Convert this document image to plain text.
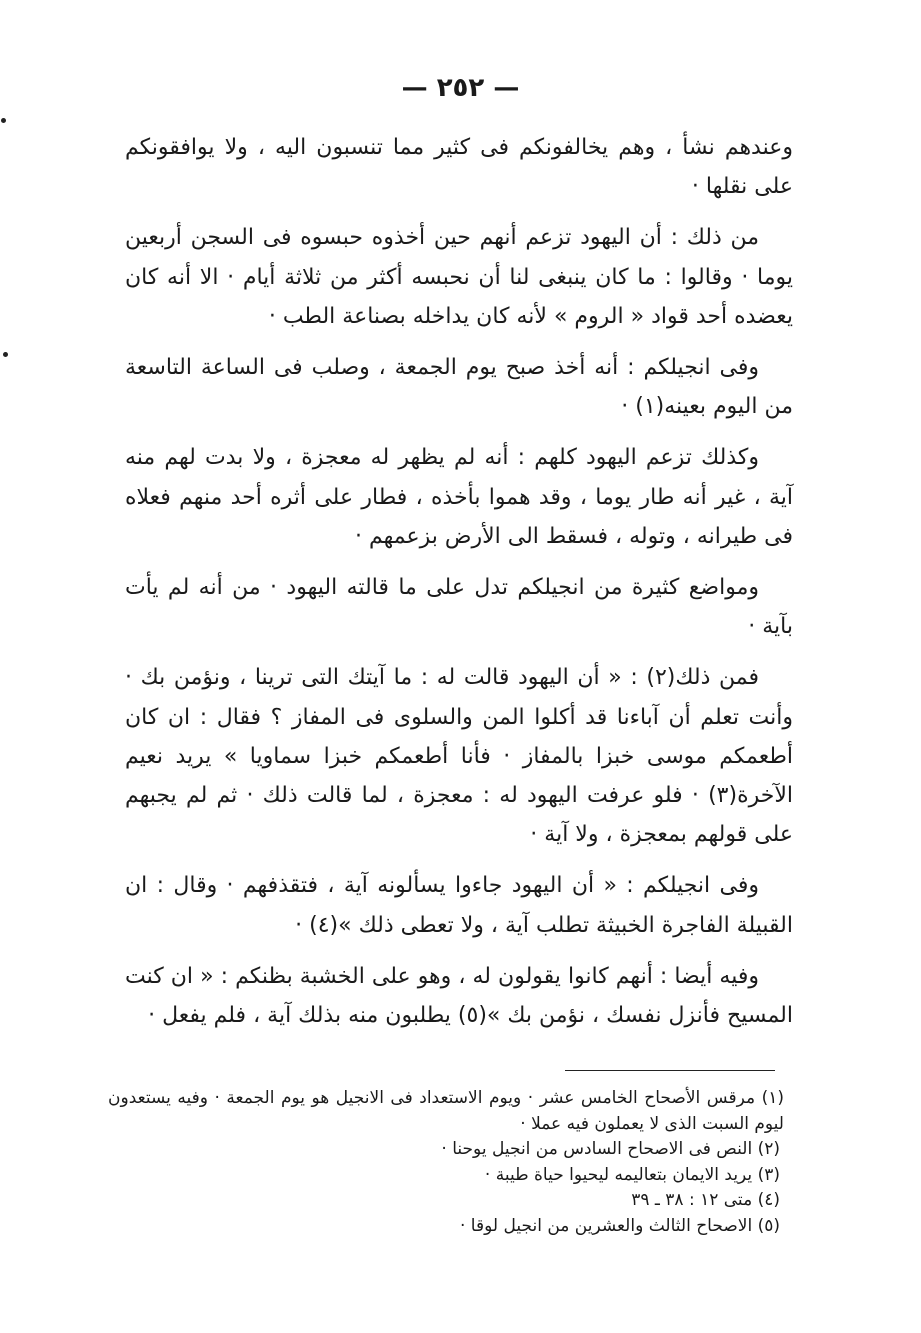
— ٢٥٢ —

وعندهم نشأ ، وهم يخالفونكم فى كثير مما تنسبون اليه ، ولا يوافقونكم على نقلها ·

من ذلك : أن اليهود تزعم أنهم حين أخذوه حبسوه فى السجن أربعين يوما · وقالوا : ما كان ينبغى لنا أن نحبسه أكثر من ثلاثة أيام · الا أنه كان يعضده أحد قواد « الروم » لأنه كان يداخله بصناعة الطب ·

وفى انجيلكم : أنه أخذ صبح يوم الجمعة ، وصلب فى الساعة التاسعة من اليوم بعينه(١) ·

وكذلك تزعم اليهود كلهم : أنه لم يظهر له معجزة ، ولا بدت لهم منه آية ، غير أنه طار يوما ، وقد هموا بأخذه ، فطار على أثره أحد منهم فعلاه فى طيرانه ، وتوله ، فسقط الى الأرض بزعمهم ·

ومواضع كثيرة من انجيلكم تدل على ما قالته اليهود · من أنه لم يأت بآية ·

فمن ذلك(٢) : « أن اليهود قالت له : ما آيتك التى ترينا ، ونؤمن بك · وأنت تعلم أن آباءنا قد أكلوا المن والسلوى فى المفاز ؟ فقال : ان كان أطعمكم موسى خبزا بالمفاز · فأنا أطعمكم خبزا سماويا » يريد نعيم الآخرة(٣) · فلو عرفت اليهود له : معجزة ، لما قالت ذلك · ثم لم يجبهم على قولهم بمعجزة ، ولا آية ·

وفى انجيلكم : « أن اليهود جاءوا يسألونه آية ، فتقذفهم · وقال : ان القبيلة الفاجرة الخبيثة تطلب آية ، ولا تعطى ذلك »(٤) ·

وفيه أيضا : أنهم كانوا يقولون له ، وهو على الخشبة بظنكم : « ان كنت المسيح فأنزل نفسك ، نؤمن بك »(٥) يطلبون منه بذلك آية ، فلم يفعل ·

(١) مرقس الأصحاح الخامس عشر · ويوم الاستعداد فى الانجيل هو يوم الجمعة · وفيه يستعدون ليوم السبت الذى لا يعملون فيه عملا ·

(٢) النص فى الاصحاح السادس من انجيل يوحنا ·

(٣) يريد الايمان بتعاليمه ليحيوا حياة طيبة ·

(٤) متى ١٢ : ٣٨ ـ ٣٩

(٥) الاصحاح الثالث والعشرين من انجيل لوقا ·
